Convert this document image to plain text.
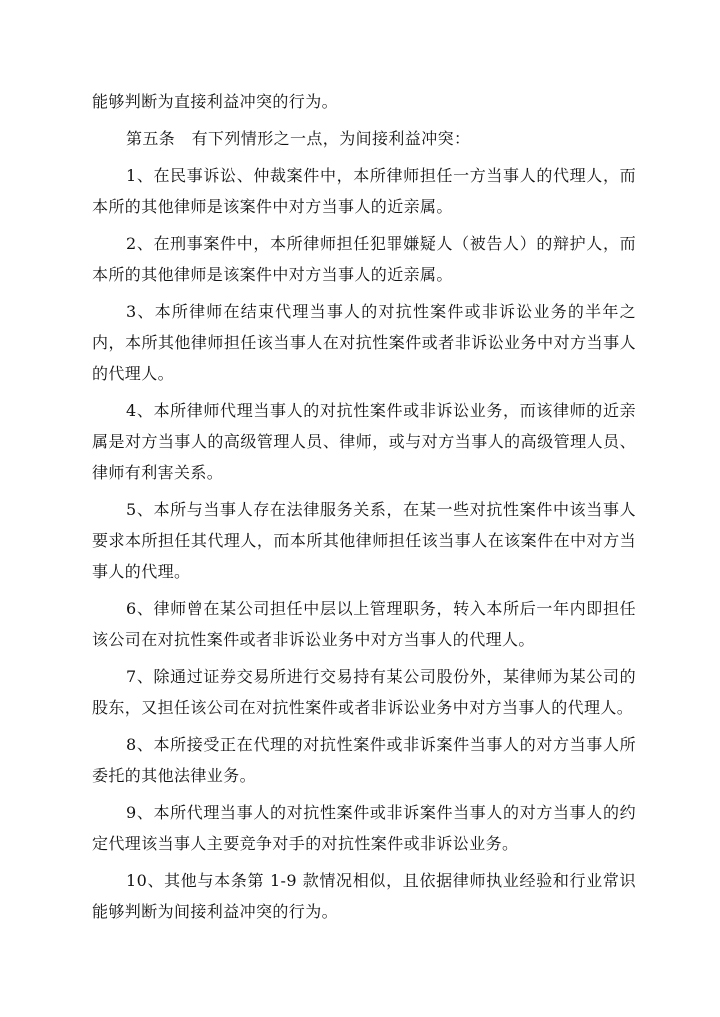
能够判断为直接利益冲突的行为。

第五条　有下列情形之一点，为间接利益冲突：

1、在民事诉讼、仲裁案件中，本所律师担任一方当事人的代理人，而本所的其他律师是该案件中对方当事人的近亲属。

2、在刑事案件中，本所律师担任犯罪嫌疑人（被告人）的辩护人，而本所的其他律师是该案件中对方当事人的近亲属。

3、本所律师在结束代理当事人的对抗性案件或非诉讼业务的半年之内，本所其他律师担任该当事人在对抗性案件或者非诉讼业务中对方当事人的代理人。

4、本所律师代理当事人的对抗性案件或非诉讼业务，而该律师的近亲属是对方当事人的高级管理人员、律师，或与对方当事人的高级管理人员、律师有利害关系。

5、本所与当事人存在法律服务关系，在某一些对抗性案件中该当事人要求本所担任其代理人，而本所其他律师担任该当事人在该案件在中对方当事人的代理。

6、律师曾在某公司担任中层以上管理职务，转入本所后一年内即担任该公司在对抗性案件或者非诉讼业务中对方当事人的代理人。

7、除通过证券交易所进行交易持有某公司股份外，某律师为某公司的股东，又担任该公司在对抗性案件或者非诉讼业务中对方当事人的代理人。

8、本所接受正在代理的对抗性案件或非诉案件当事人的对方当事人所委托的其他法律业务。

9、本所代理当事人的对抗性案件或非诉案件当事人的对方当事人的约定代理该当事人主要竞争对手的对抗性案件或非诉讼业务。

10、其他与本条第 1-9 款情况相似，且依据律师执业经验和行业常识能够判断为间接利益冲突的行为。
